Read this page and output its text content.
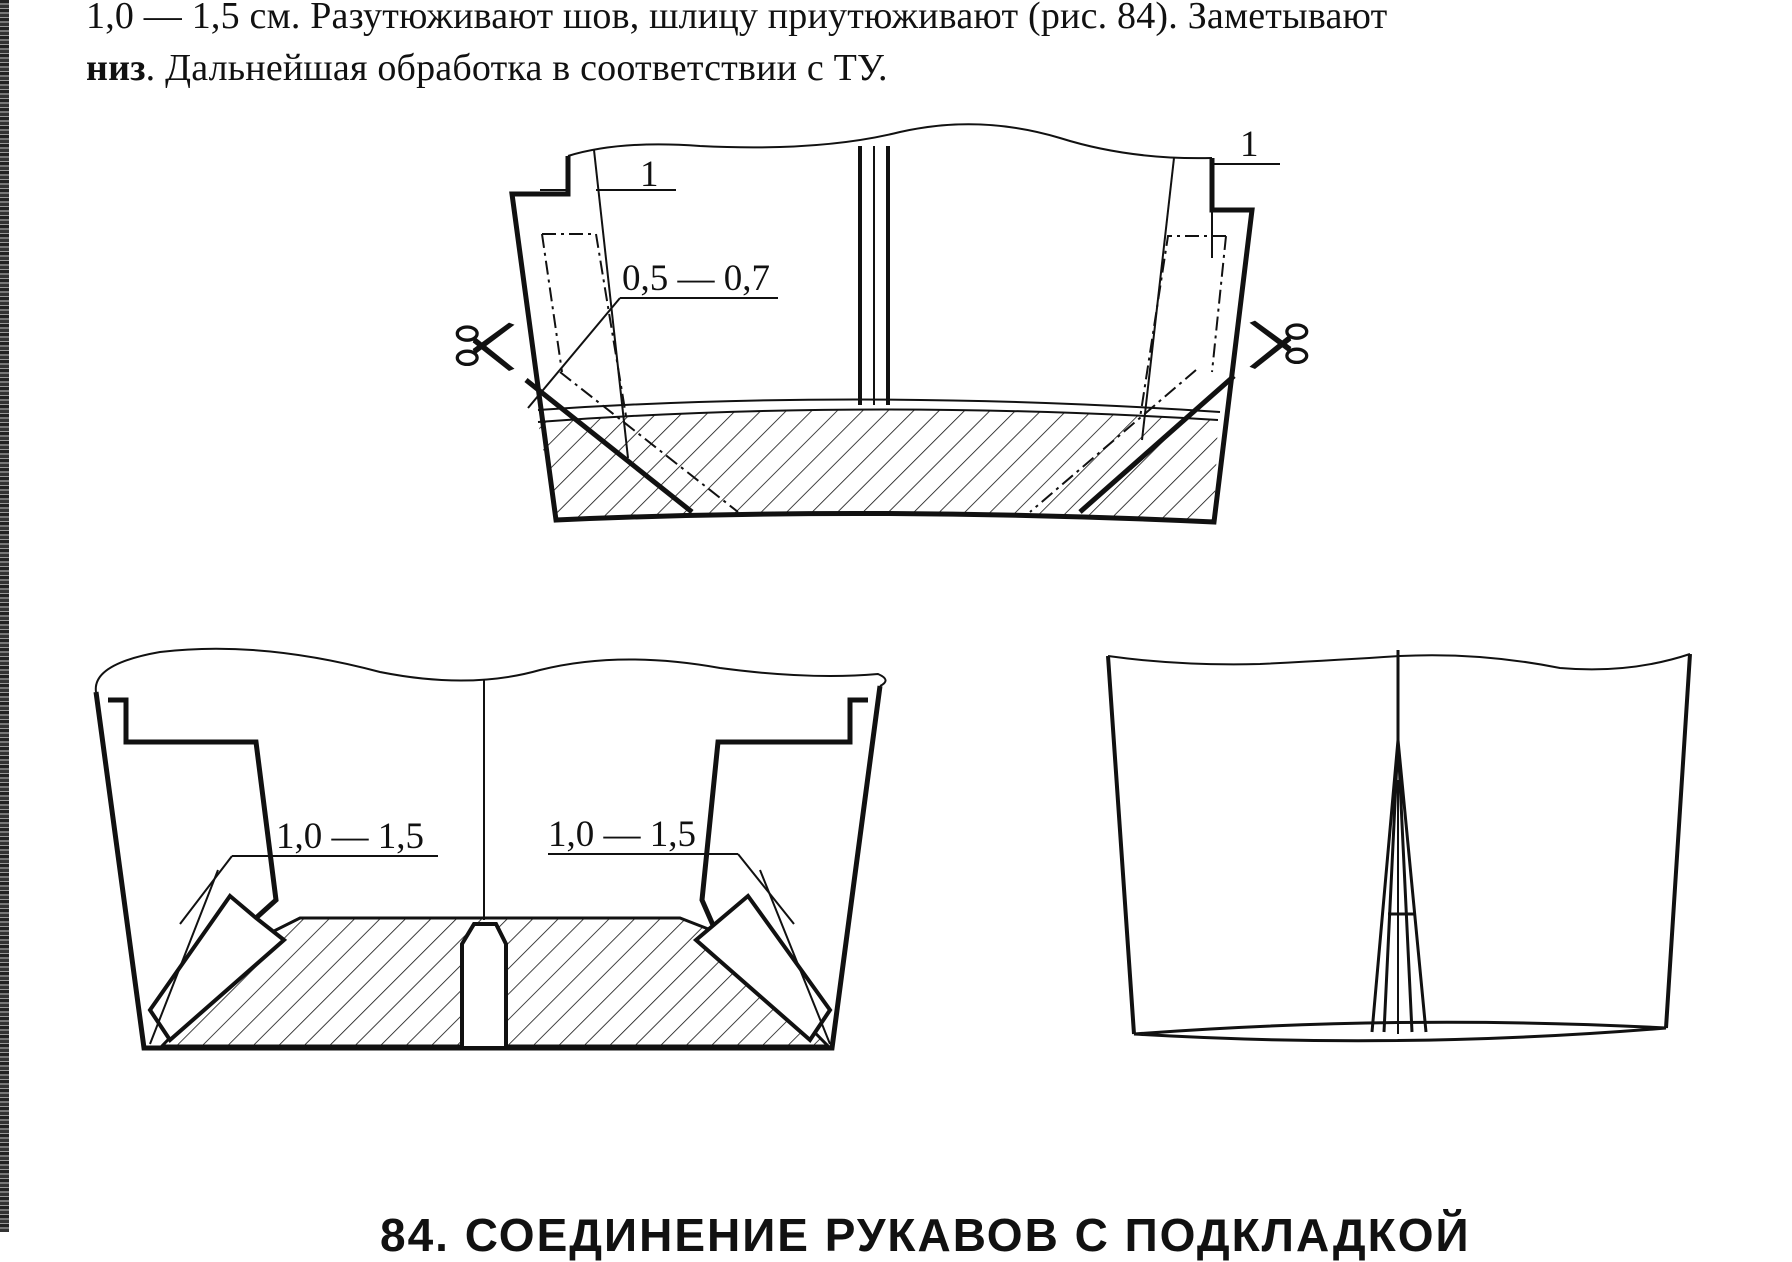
1,0 — 1,5 см. Разутюживают шов, шлицу приутюживают (рис. 84). Заметывают

низ. Дальнейшая обработка в соответствии с ТУ.

1
1
0,5 — 0,7
1,0 — 1,5	1,0 — 1,5
84. СОЕДИНЕНИЕ РУКАВОВ С ПОДКЛАДКОЙ
